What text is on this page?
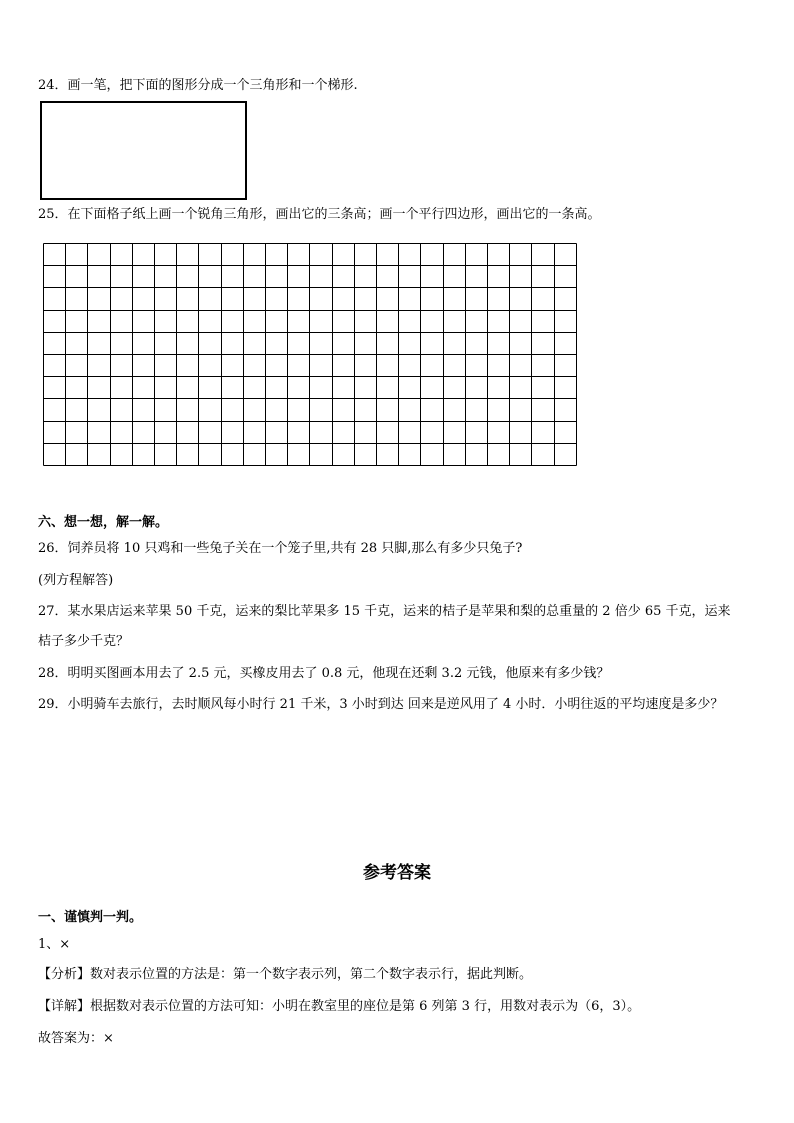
24．画一笔，把下面的图形分成一个三角形和一个梯形.
25．在下面格子纸上画一个锐角三角形，画出它的三条高；画一个平行四边形，画出它的一条高。
六、想一想，解一解。
26．饲养员将 10 只鸡和一些兔子关在一个笼子里,共有 28 只脚,那么有多少只兔子?
(列方程解答)
27．某水果店运来苹果 50 千克，运来的梨比苹果多 15 千克，运来的桔子是苹果和梨的总重量的 2 倍少 65 千克，运来
桔子多少千克？
28．明明买图画本用去了 2.5 元，买橡皮用去了 0.8 元，他现在还剩 3.2 元钱，他原来有多少钱？
29．小明骑车去旅行，去时顺风每小时行 21 千米，3 小时到达 回来是逆风用了 4 小时．小明往返的平均速度是多少？
参考答案
一、谨慎判一判。
1、×
【分析】数对表示位置的方法是：第一个数字表示列，第二个数字表示行，据此判断。
【详解】根据数对表示位置的方法可知：小明在教室里的座位是第 6 列第 3 行，用数对表示为（6，3）。
故答案为：×
